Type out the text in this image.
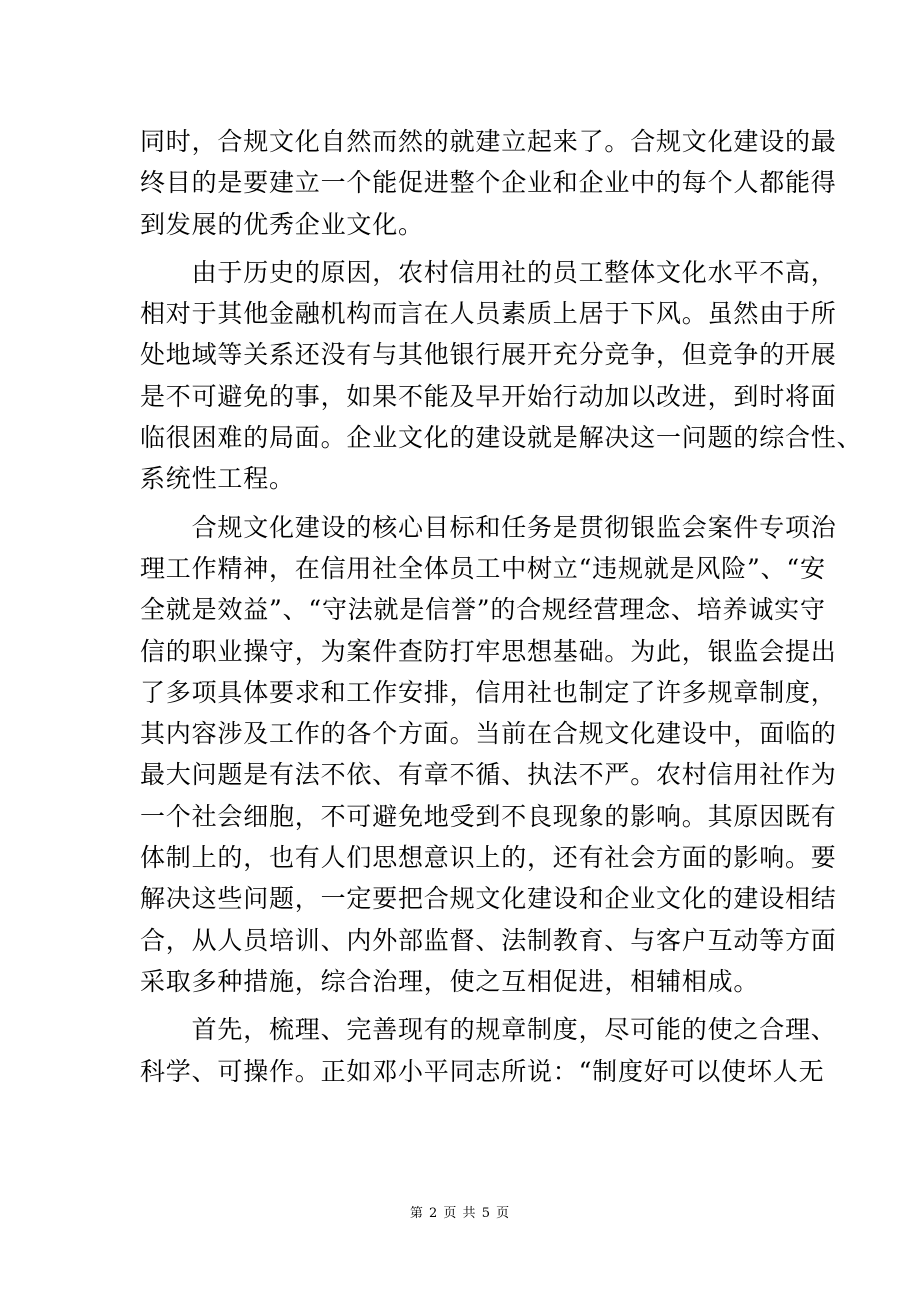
同时，合规文化自然而然的就建立起来了。合规文化建设的最
终目的是要建立一个能促进整个企业和企业中的每个人都能得
到发展的优秀企业文化。
　　由于历史的原因，农村信用社的员工整体文化水平不高，
相对于其他金融机构而言在人员素质上居于下风。虽然由于所
处地域等关系还没有与其他银行展开充分竞争，但竞争的开展
是不可避免的事，如果不能及早开始行动加以改进，到时将面
临很困难的局面。企业文化的建设就是解决这一问题的综合性、
系统性工程。
　　合规文化建设的核心目标和任务是贯彻银监会案件专项治
理工作精神，在信用社全体员工中树立“违规就是风险”、“安
全就是效益”、“守法就是信誉”的合规经营理念、培养诚实守
信的职业操守，为案件查防打牢思想基础。为此，银监会提出
了多项具体要求和工作安排，信用社也制定了许多规章制度，
其内容涉及工作的各个方面。当前在合规文化建设中，面临的
最大问题是有法不依、有章不循、执法不严。农村信用社作为
一个社会细胞，不可避免地受到不良现象的影响。其原因既有
体制上的，也有人们思想意识上的，还有社会方面的影响。要
解决这些问题，一定要把合规文化建设和企业文化的建设相结
合，从人员培训、内外部监督、法制教育、与客户互动等方面
采取多种措施，综合治理，使之互相促进，相辅相成。
　　首先，梳理、完善现有的规章制度，尽可能的使之合理、
科学、可操作。正如邓小平同志所说：“制度好可以使坏人无
第 2 页 共 5 页
